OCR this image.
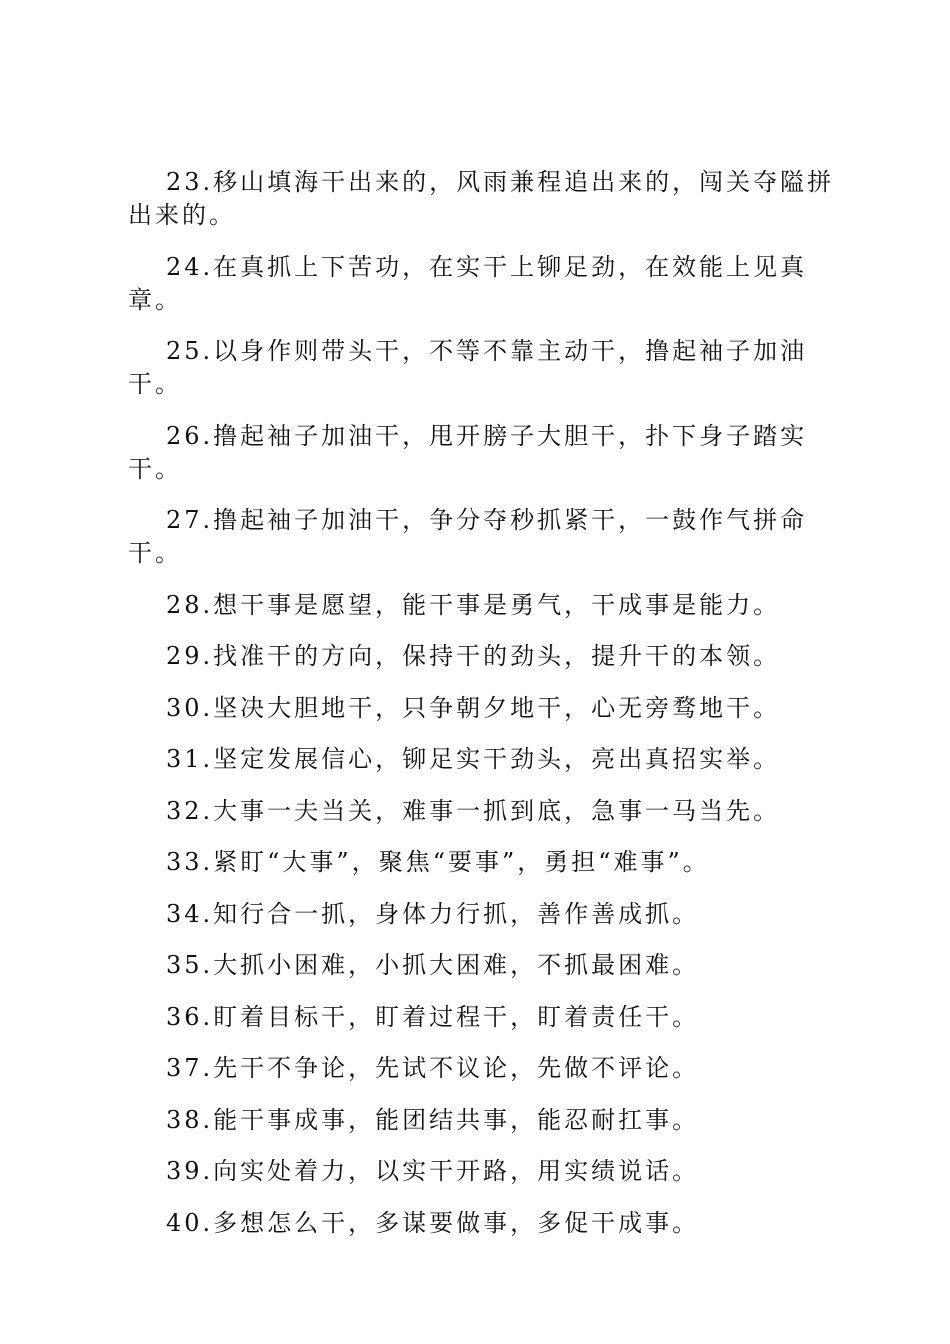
23.移山填海干出来的，风雨兼程追出来的，闯关夺隘拼出来的。

24.在真抓上下苦功，在实干上铆足劲，在效能上见真章。

25.以身作则带头干，不等不靠主动干，撸起袖子加油干。

26.撸起袖子加油干，甩开膀子大胆干，扑下身子踏实干。

27.撸起袖子加油干，争分夺秒抓紧干，一鼓作气拼命干。

28.想干事是愿望，能干事是勇气，干成事是能力。

29.找准干的方向，保持干的劲头，提升干的本领。

30.坚决大胆地干，只争朝夕地干，心无旁骛地干。

31.坚定发展信心，铆足实干劲头，亮出真招实举。

32.大事一夫当关，难事一抓到底，急事一马当先。

33.紧盯“大事”，聚焦“要事”，勇担“难事”。

34.知行合一抓，身体力行抓，善作善成抓。

35.大抓小困难，小抓大困难，不抓最困难。

36.盯着目标干，盯着过程干，盯着责任干。

37.先干不争论，先试不议论，先做不评论。

38.能干事成事，能团结共事，能忍耐扛事。

39.向实处着力，以实干开路，用实绩说话。

40.多想怎么干，多谋要做事，多促干成事。
